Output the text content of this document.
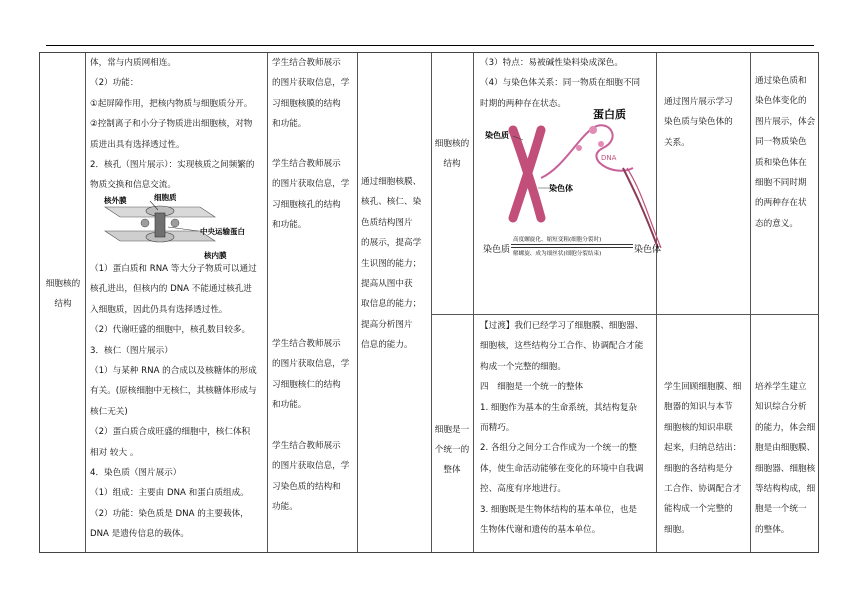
细胞核的结构

体，常与内质网相连。

（2）功能：

①起屏障作用，把核内物质与细胞质分开。

②控制离子和小分子物质进出细胞核，对物

质进出具有选择透过性。

2．核孔（图片展示）：实现核质之间频繁的

物质交换和信息交流。

核外膜	细胞质
中央运输蛋白
核内膜

（1）蛋白质和 RNA 等大分子物质可以通过

核孔进出，但核内的 DNA 不能通过核孔进

入细胞质，因此仍具有选择透过性。

（2）代谢旺盛的细胞中，核孔数目较多。

3．核仁（图片展示）

（1）与某种 RNA 的合成以及核糖体的形成

有关。(原核细胞中无核仁，其核糖体形成与

核仁无关)

（2）蛋白质合成旺盛的细胞中，核仁体积

相对 较大 。

4．染色质（图片展示）

（1）组成：主要由 DNA 和蛋白质组成。

（2）功能：染色质是 DNA 的主要载体，

DNA 是遗传信息的载体。

学生结合教师展示

的图片获取信息，学

习细胞核膜的结构

和功能。

学生结合教师展示

的图片获取信息，学

习细胞核孔的结构

和功能。

学生结合教师展示

的图片获取信息，学

习细胞核仁的结构

和功能。

学生结合教师展示

的图片获取信息，学

习染色质的结构和

功能。

通过细胞核膜、

核孔、核仁、染

色质结构图片

的展示，提高学

生识图的能力；

提高从图中获

取信息的能力；

提高分析图片

信息的能力。

细胞核的结构

（3）特点：易被碱性染料染成深色。

（4）与染色体关系：同一物质在细胞不同

时期的两种存在状态。

染色质
蛋白质
DNA
染色体
染色质
高度螺旋化、缩短变粗(细胞分裂时)
解螺旋、成为细丝状(细胞分裂结束)	染色体

通过图片展示学习

染色质与染色体的

关系。

通过染色质和

染色体变化的

图片展示，体会

同一物质染色

质和染色体在

细胞不同时期

的两种存在状

态的意义。

细胞是一
个统一的
整体

【过渡】我们已经学习了细胞膜、细胞器、

细胞核，这些结构分工合作、协调配合才能

构成一个完整的细胞。

四　细胞是一个统一的整体

1. 细胞作为基本的生命系统，其结构复杂

而精巧。

2. 各组分之间分工合作成为一个统一的整

体，使生命活动能够在变化的环境中自我调

控、高度有序地进行。

3. 细胞既是生物体结构的基本单位，也是

生物体代谢和遗传的基本单位。

学生回顾细胞膜、细

胞器的知识与本节

细胞核的知识串联

起来，归纳总结出：

细胞的各结构是分

工合作、协调配合才

能构成一个完整的

细胞。

培养学生建立

知识综合分析

的能力，体会细

胞是由细胞膜、

细胞器、细胞核

等结构构成，细

胞是一个统一

的整体。
